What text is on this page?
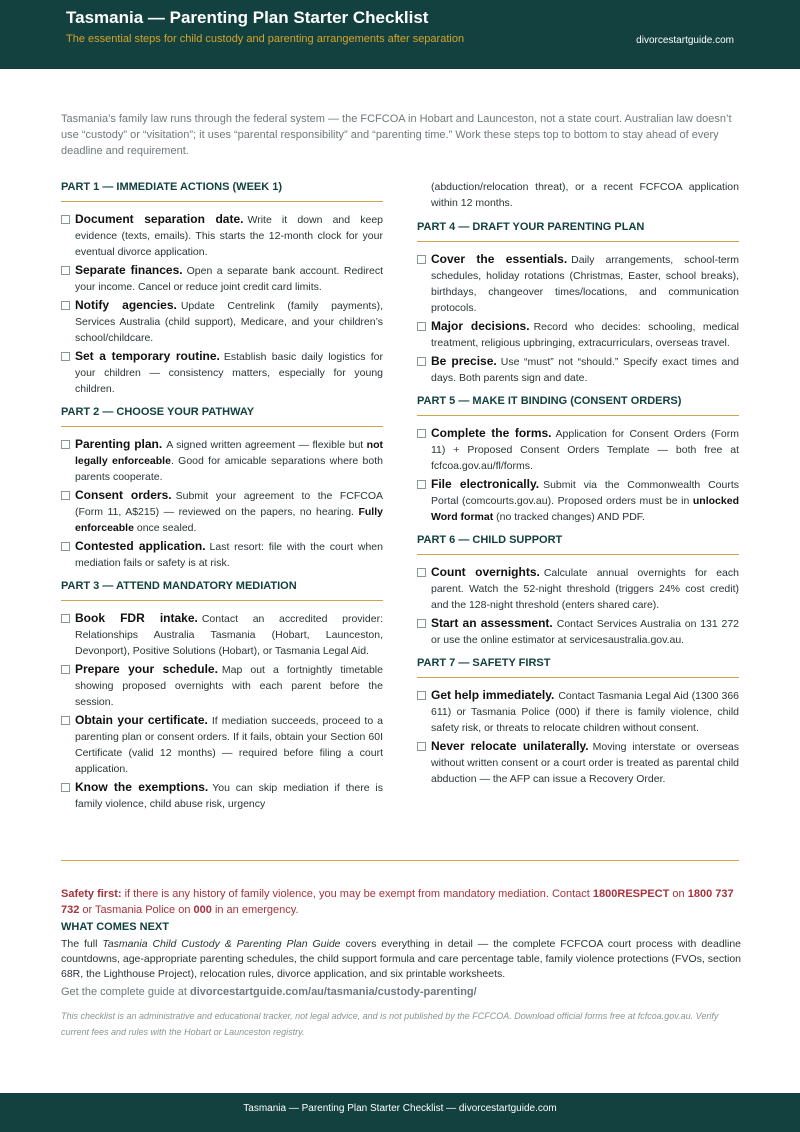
Tasmania — Parenting Plan Starter Checklist
The essential steps for child custody and parenting arrangements after separation	divorcestartguide.com
Tasmania’s family law runs through the federal system — the FCFCOA in Hobart and Launceston, not a state court. Australian law doesn’t use “custody” or “visitation”; it uses “parental responsibility” and “parenting time.” Work these steps top to bottom to stay ahead of every deadline and requirement.
PART 1 — IMMEDIATE ACTIONS (WEEK 1)
Document separation date. Write it down and keep evidence (texts, emails). This starts the 12-month clock for your eventual divorce application.
Separate finances. Open a separate bank account. Redirect your income. Cancel or reduce joint credit card limits.
Notify agencies. Update Centrelink (family payments), Services Australia (child support), Medicare, and your children’s school/childcare.
Set a temporary routine. Establish basic daily logistics for your children — consistency matters, especially for young children.
PART 2 — CHOOSE YOUR PATHWAY
Parenting plan. A signed written agreement — flexible but not legally enforceable. Good for amicable separations where both parents cooperate.
Consent orders. Submit your agreement to the FCFCOA (Form 11, A$215) — reviewed on the papers, no hearing. Fully enforceable once sealed.
Contested application. Last resort: file with the court when mediation fails or safety is at risk.
PART 3 — ATTEND MANDATORY MEDIATION
Book FDR intake. Contact an accredited provider: Relationships Australia Tasmania (Hobart, Launceston, Devonport), Positive Solutions (Hobart), or Tasmania Legal Aid.
Prepare your schedule. Map out a fortnightly timetable showing proposed overnights with each parent before the session.
Obtain your certificate. If mediation succeeds, proceed to a parenting plan or consent orders. If it fails, obtain your Section 60I Certificate (valid 12 months) — required before filing a court application.
Know the exemptions. You can skip mediation if there is family violence, child abuse risk, urgency
(abduction/relocation threat), or a recent FCFCOA application within 12 months.
PART 4 — DRAFT YOUR PARENTING PLAN
Cover the essentials. Daily arrangements, school-term schedules, holiday rotations (Christmas, Easter, school breaks), birthdays, changeover times/locations, and communication protocols.
Major decisions. Record who decides: schooling, medical treatment, religious upbringing, extracurriculars, overseas travel.
Be precise. Use “must” not “should.” Specify exact times and days. Both parents sign and date.
PART 5 — MAKE IT BINDING (CONSENT ORDERS)
Complete the forms. Application for Consent Orders (Form 11) + Proposed Consent Orders Template — both free at fcfcoa.gov.au/fl/forms.
File electronically. Submit via the Commonwealth Courts Portal (comcourts.gov.au). Proposed orders must be in unlocked Word format (no tracked changes) AND PDF.
PART 6 — CHILD SUPPORT
Count overnights. Calculate annual overnights for each parent. Watch the 52-night threshold (triggers 24% cost credit) and the 128-night threshold (enters shared care).
Start an assessment. Contact Services Australia on 131 272 or use the online estimator at servicesaustralia.gov.au.
PART 7 — SAFETY FIRST
Get help immediately. Contact Tasmania Legal Aid (1300 366 611) or Tasmania Police (000) if there is family violence, child safety risk, or threats to relocate children without consent.
Never relocate unilaterally. Moving interstate or overseas without written consent or a court order is treated as parental child abduction — the AFP can issue a Recovery Order.
Safety first: if there is any history of family violence, you may be exempt from mandatory mediation. Contact 1800RESPECT on 1800 737 732 or Tasmania Police on 000 in an emergency.
WHAT COMES NEXT
The full Tasmania Child Custody & Parenting Plan Guide covers everything in detail — the complete FCFCOA court process with deadline countdowns, age-appropriate parenting schedules, the child support formula and care percentage table, family violence protections (FVOs, section 68R, the Lighthouse Project), relocation rules, divorce application, and six printable worksheets.
Get the complete guide at divorcestartguide.com/au/tasmania/custody-parenting/
This checklist is an administrative and educational tracker, not legal advice, and is not published by the FCFCOA. Download official forms free at fcfcoa.gov.au. Verify current fees and rules with the Hobart or Launceston registry.
Tasmania — Parenting Plan Starter Checklist — divorcestartguide.com
